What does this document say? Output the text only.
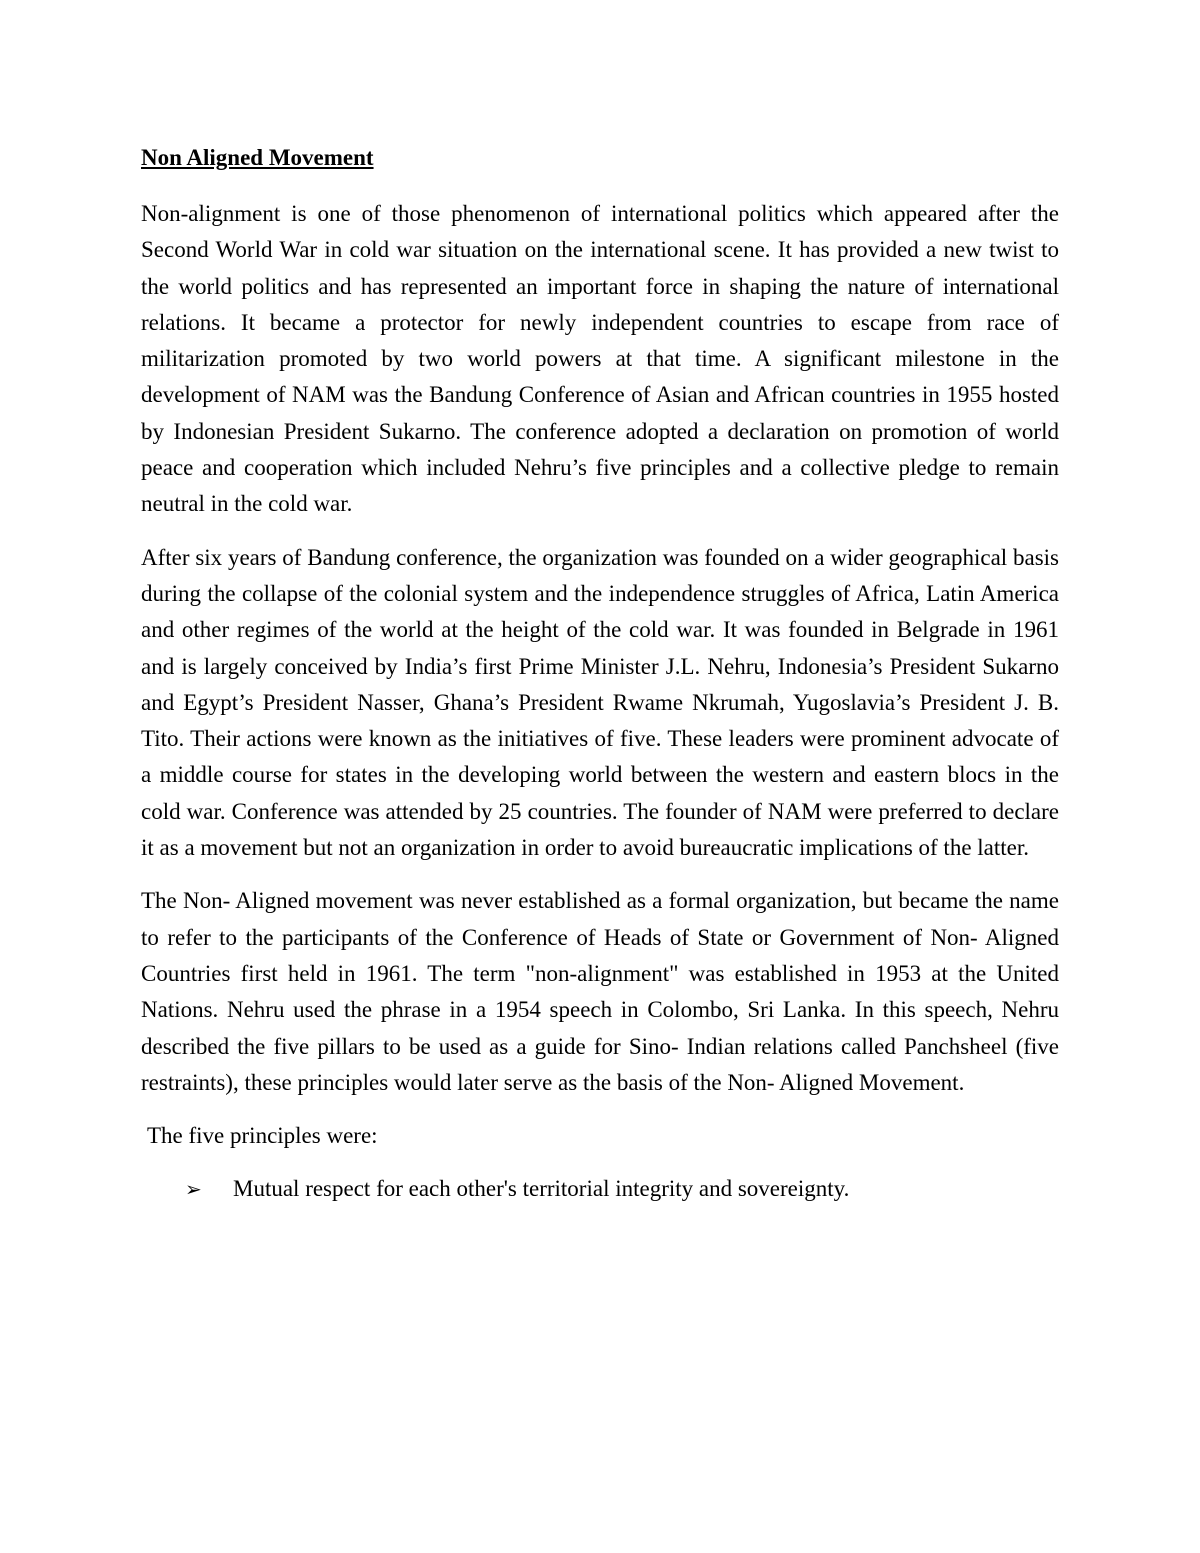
Non Aligned Movement

Non-alignment is one of those phenomenon of international politics which appeared after the Second World War in cold war situation on the international scene. It has provided a new twist to the world politics and has represented an important force in shaping the nature of international relations. It became a protector for newly independent countries to escape from race of militarization promoted by two world powers at that time. A significant milestone in the development of NAM was the Bandung Conference of Asian and African countries in 1955 hosted by Indonesian President Sukarno. The conference adopted a declaration on promotion of world peace and cooperation which included Nehru’s five principles and a collective pledge to remain neutral in the cold war.

After six years of Bandung conference, the organization was founded on a wider geographical basis during the collapse of the colonial system and the independence struggles of Africa, Latin America and other regimes of the world at the height of the cold war. It was founded in Belgrade in 1961 and is largely conceived by India’s first Prime Minister J.L. Nehru, Indonesia’s President Sukarno and Egypt’s President Nasser, Ghana’s President Rwame Nkrumah, Yugoslavia’s President J. B. Tito. Their actions were known as the initiatives of five. These leaders were prominent advocate of a middle course for states in the developing world between the western and eastern blocs in the cold war. Conference was attended by 25 countries. The founder of NAM were preferred to declare it as a movement but not an organization in order to avoid bureaucratic implications of the latter.

The Non- Aligned movement was never established as a formal organization, but became the name to refer to the participants of the Conference of Heads of State or Government of Non- Aligned Countries first held in 1961. The term "non-alignment" was established in 1953 at the United Nations. Nehru used the phrase in a 1954 speech in Colombo, Sri Lanka. In this speech, Nehru described the five pillars to be used as a guide for Sino- Indian relations called Panchsheel (five restraints), these principles would later serve as the basis of the Non- Aligned Movement.

The five principles were:

➢	Mutual respect for each other's territorial integrity and sovereignty.
